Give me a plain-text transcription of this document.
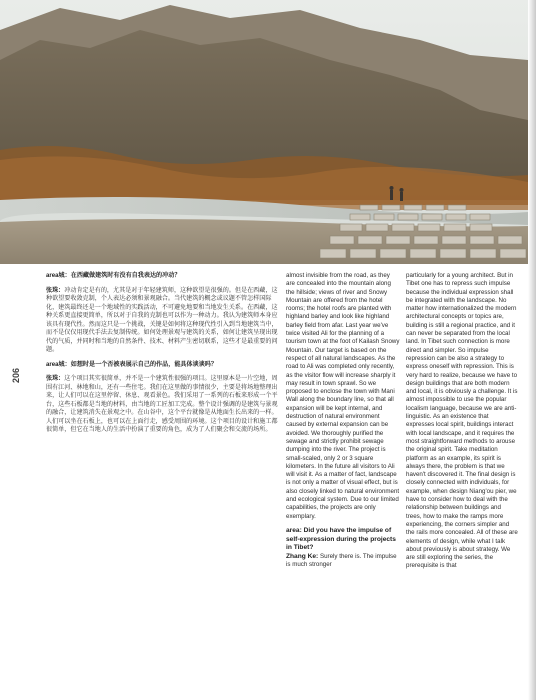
206

area城：在西藏做建筑时有没有自我表达的冲动？

张珠：冲动肯定是有的，尤其是对于年轻建筑师，这种欲望是很强的。但是在西藏，这种欲望要收敛克制，个人表达必须和景观融合。当代建筑的概念或议题不管怎样国际化，建筑最终还是一个地域性的实践活动，不可避免地要和当地发生关系。在西藏，这种关系更直接更简单，所以对于自我的克制也可以作为一种动力。我认为建筑师本身应该具有现代性。然而这只是一个挑战，关键是如何将这种现代性引入到当地建筑当中，而不是仅仅用现代手法去复制传统。如何处理景观与建筑的关系，如何让建筑呈现出现代的气质，并同时和当地的自然条件、技术、材料产生密切联系，这些才是最重要的问题。

area城：如想时是一个否被表展示自己的作品，能具体谈谈吗？

张珠：这个项目其实很简单，并不是一个建筑性很强的项目。这里原本是一片空地，周围有江河、林地和山，还有一些住宅。我们在这里做的事情很少，主要是将场地整理出来，让人们可以在这里停留、休息、观看景色。我们采用了一系列的石板来形成一个平台，这些石板都是当地的材料，由当地的工匠加工完成。整个设计强调的是建筑与景观的融合，让建筑消失在景观之中。在山谷中，这个平台就像是从地面生长出来的一样。人们可以坐在石板上，也可以在上面行走，感受周围的环境。这个项目的设计和施工都很简单，但它在当地人的生活中扮演了重要的角色，成为了人们聚会和交流的场所。

almost invisible from the road, as they are concealed into the mountain along the hillside; views of river and Snowy Mountain are offered from the hotel rooms; the hotel roofs are planted with highland barley and look like highland barley field from afar. Last year we've twice visited Ali for the planning of a tourism town at the foot of Kailash Snowy Mountain. Our target is based on the respect of all natural landscapes. As the road to Ali was completed only recently, as the visitor flow will increase sharply it may result in town sprawl. So we proposed to enclose the town with Mani Wall along the boundary line, so that all expansion will be kept internal, and destruction of natural environment caused by external expansion can be avoided. We thoroughly purified the sewage and strictly prohibit sewage dumping into the river. The project is small-scaled, only 2 or 3 square kilometers. In the future all visitors to Ali will visit it. As a matter of fact, landscape is not only a matter of visual effect, but is also closely linked to natural environment and ecological system. Due to our limited capabilities, the projects are only exemplary.

area: Did you have the impulse of self-expression during the projects in Tibet?
Zhang Ke: Surely there is. The impulse is much stronger

particularly for a young architect. But in Tibet one has to repress such impulse because the individual expression shall be integrated with the landscape. No matter how internationalized the modern architectural concepts or topics are, building is still a regional practice, and it can never be separated from the local land. In Tibet such connection is more direct and simpler. So impulse repression can be also a strategy to express oneself with repression. This is very hard to realize, because we have to design buildings that are both modern and local, it is obviously a challenge. It is almost impossible to use the popular localism language, because we are anti-linguistic. As an existence that expresses local spirit, buildings interact with local landscape, and it requires the most straightforward methods to arouse the original spirit. Take meditation platform as an example, its spirit is always there, the problem is that we haven't discovered it. The final design is closely connected with individuals, for example, when design Niang'ou pier, we have to consider how to deal with the relationship between buildings and trees, how to make the ramps more experiencing, the corners simpler and the rails more concealed. All of these are elements of design, while what I talk about previously is about strategy. We are still exploring the series, the prerequisite is that
